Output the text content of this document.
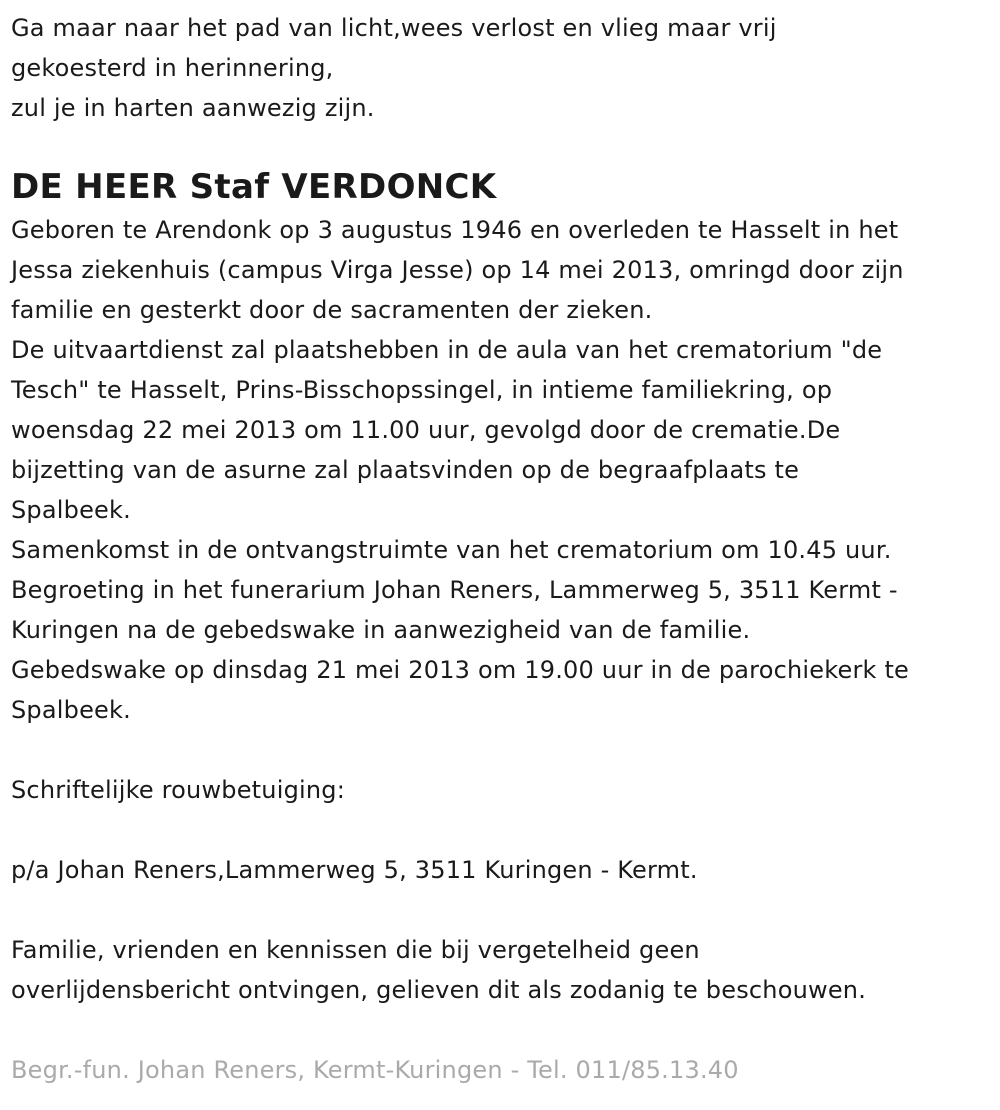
Ga maar naar het pad van licht,wees verlost en vlieg maar vrij
gekoesterd in herinnering,
zul je in harten aanwezig zijn.
DE HEER Staf VERDONCK
Geboren te Arendonk op 3 augustus 1946 en overleden te Hasselt in het
Jessa ziekenhuis (campus Virga Jesse) op 14 mei 2013, omringd door zijn
familie en gesterkt door de sacramenten der zieken.
De uitvaartdienst zal plaatshebben in de aula van het crematorium "de
Tesch" te Hasselt, Prins-Bisschopssingel, in intieme familiekring, op
woensdag 22 mei 2013 om 11.00 uur, gevolgd door de crematie.De
bijzetting van de asurne zal plaatsvinden op de begraafplaats te
Spalbeek.
Samenkomst in de ontvangstruimte van het crematorium om 10.45 uur.
Begroeting in het funerarium Johan Reners, Lammerweg 5, 3511 Kermt -
Kuringen na de gebedswake in aanwezigheid van de familie.
Gebedswake op dinsdag 21 mei 2013 om 19.00 uur in de parochiekerk te
Spalbeek.
Schriftelijke rouwbetuiging:
p/a Johan Reners,Lammerweg 5, 3511 Kuringen - Kermt.
Familie, vrienden en kennissen die bij vergetelheid geen
overlijdensbericht ontvingen, gelieven dit als zodanig te beschouwen.
Begr.-fun. Johan Reners, Kermt-Kuringen - Tel. 011/85.13.40
